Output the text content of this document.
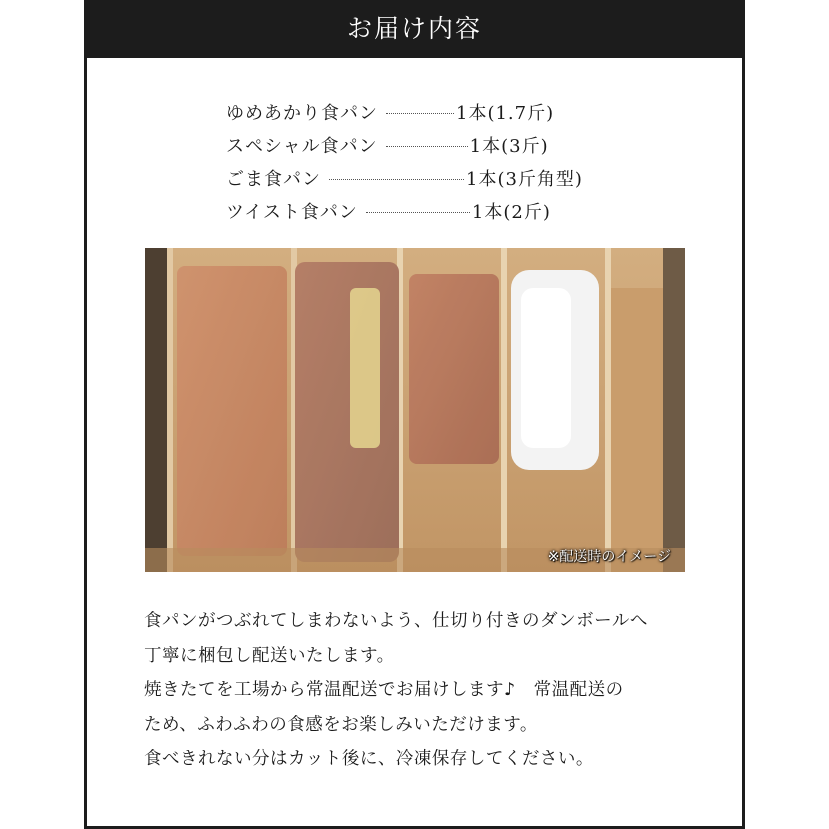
お届け内容
ゆめあかり食パン	1本(1.7斤)
スペシャル食パン	1本(3斤)
ごま食パン	1本(3斤角型)
ツイスト食パン	1本(2斤)
※配送時のイメージ

食パンがつぶれてしまわないよう、仕切り付きのダンボールへ

丁寧に梱包し配送いたします。

焼きたてを工場から常温配送でお届けします♪　常温配送の

ため、ふわふわの食感をお楽しみいただけます。

食べきれない分はカット後に、冷凍保存してください。
